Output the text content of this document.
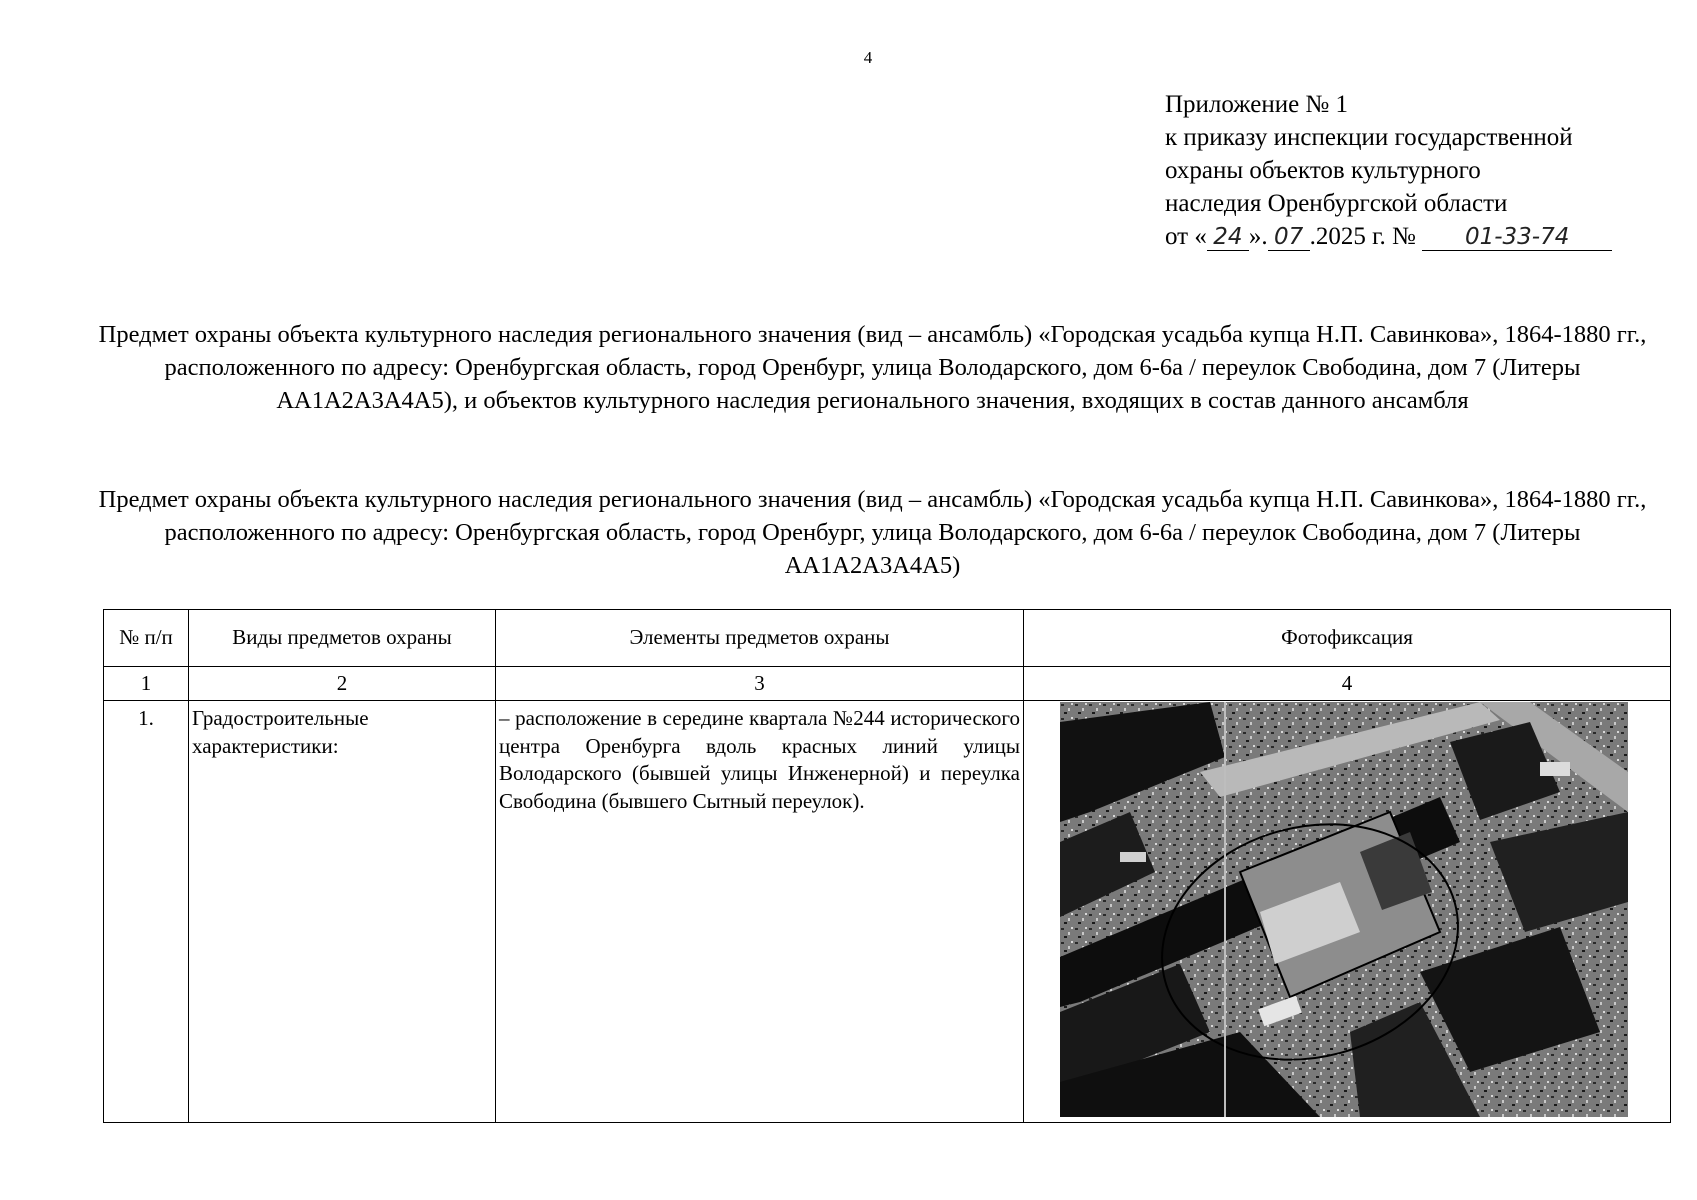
4
Приложение № 1
к приказу инспекции государственной
охраны объектов культурного
наследия Оренбургской области
от « 24 ». 07 .2025 г. № 01-33-74
Предмет охраны объекта культурного наследия регионального значения (вид – ансамбль) «Городская усадьба купца Н.П. Савинкова», 1864-1880 гг., расположенного по адресу: Оренбургская область, город Оренбург, улица Володарского, дом 6-6а / переулок Свободина, дом 7 (Литеры АА1А2А3А4А5), и объектов культурного наследия регионального значения, входящих в состав данного ансамбля
Предмет охраны объекта культурного наследия регионального значения (вид – ансамбль) «Городская усадьба купца Н.П. Савинкова», 1864-1880 гг., расположенного по адресу: Оренбургская область, город Оренбург, улица Володарского, дом 6-6а / переулок Свободина, дом 7 (Литеры АА1А2А3А4А5)
№ п/п	Виды предметов охраны	Элементы предметов охраны	Фотофиксация
1	2	3	4
1.	Градостроительные характеристики:	– расположение в середине квартала №244 исторического центра Оренбурга вдоль красных линий улицы Володарского (бывшей улицы Инженерной) и переулка Свободина (бывшего Сытный переулок).	
